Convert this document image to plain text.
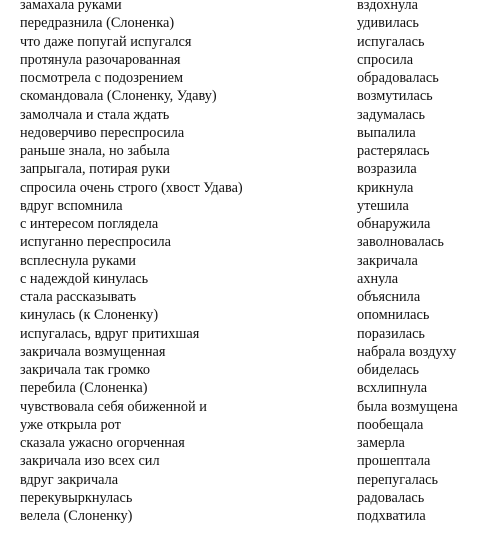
замахала руками
передразнила (Слоненка)
что даже попугай испугался
протянула разочарованная
посмотрела с подозрением
скомандовала (Слоненку, Удаву)
замолчала и стала ждать
недоверчиво переспросила
раньше знала, но забыла
запрыгала, потирая руки
спросила очень строго (хвост Удава)
вдруг вспомнила
с интересом поглядела
испуганно переспросила
всплеснула руками
с надеждой кинулась
стала рассказывать
кинулась (к Слоненку)
испугалась, вдруг притихшая
закричала возмущенная
закричала так громко
перебила (Слоненка)
чувствовала себя обиженной и
уже открыла рот
сказала ужасно огорченная
закричала изо всех сил
вдруг закричала
перекувыркнулась
велела (Слоненку)
вздохнула
удивилась
испугалась
спросила
обрадовалась
возмутилась
задумалась
выпалила
растерялась
возразила
крикнула
утешила
обнаружила
заволновалась
закричала
ахнула
объяснила
опомнилась
поразилась
набрала воздуху
обиделась
всхлипнула
была возмущена
пообещала
замерла
прошептала
перепугалась
радовалась
подхватила
